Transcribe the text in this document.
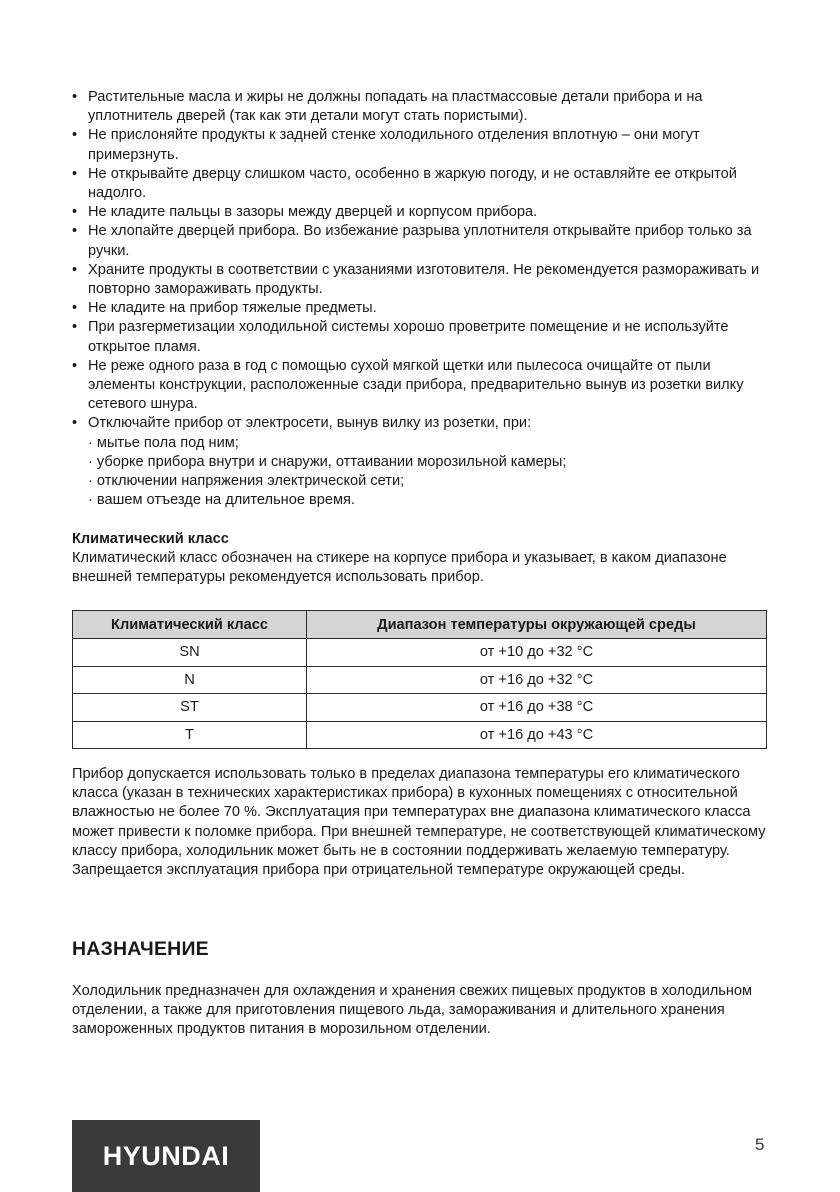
• Растительные масла и жиры не должны попадать на пластмассовые детали прибора и на уплотнитель дверей (так как эти детали могут стать пористыми).
• Не прислоняйте продукты к задней стенке холодильного отделения вплотную – они могут примерзнуть.
• Не открывайте дверцу слишком часто, особенно в жаркую погоду, и не оставляйте ее открытой надолго.
• Не кладите пальцы в зазоры между дверцей и корпусом прибора.
• Не хлопайте дверцей прибора. Во избежание разрыва уплотнителя открывайте прибор только за ручки.
• Храните продукты в соответствии с указаниями изготовителя. Не рекомендуется размораживать и повторно замораживать продукты.
• Не кладите на прибор тяжелые предметы.
• При разгерметизации холодильной системы хорошо проветрите помещение и не используйте открытое пламя.
• Не реже одного раза в год с помощью сухой мягкой щетки или пылесоса очищайте от пыли элементы конструкции, расположенные сзади прибора, предварительно вынув из розетки вилку сетевого шнура.
• Отключайте прибор от электросети, вынув вилку из розетки, при:
· мытье пола под ним;
· уборке прибора внутри и снаружи, оттаивании морозильной камеры;
· отключении напряжения электрической сети;
· вашем отъезде на длительное время.
Климатический класс

Климатический класс обозначен на стикере на корпусе прибора и указывает, в каком диапазоне внешней температуры рекомендуется использовать прибор.

Климатический класс	Диапазон температуры окружающей среды
SN	от +10 до +32 °C
N	от +16 до +32 °C
ST	от +16 до +38 °C
T	от +16 до +43 °C

Прибор допускается использовать только в пределах диапазона температуры его климатического класса (указан в технических характеристиках прибора) в кухонных помещениях с относительной влажностью не более 70 %. Эксплуатация при температурах вне диапазона климатического класса может привести к поломке прибора. При внешней температуре, не соответствующей климатическому классу прибора, холодильник может быть не в состоянии поддерживать желаемую температуру. Запрещается эксплуатация прибора при отрицательной температуре окружающей среды.

НАЗНАЧЕНИЕ

Холодильник предназначен для охлаждения и хранения свежих пищевых продуктов в холодильном отделении, а также для приготовления пищевого льда, замораживания и длительного хранения замороженных продуктов питания в морозильном отделении.

HYUNDAI	5
